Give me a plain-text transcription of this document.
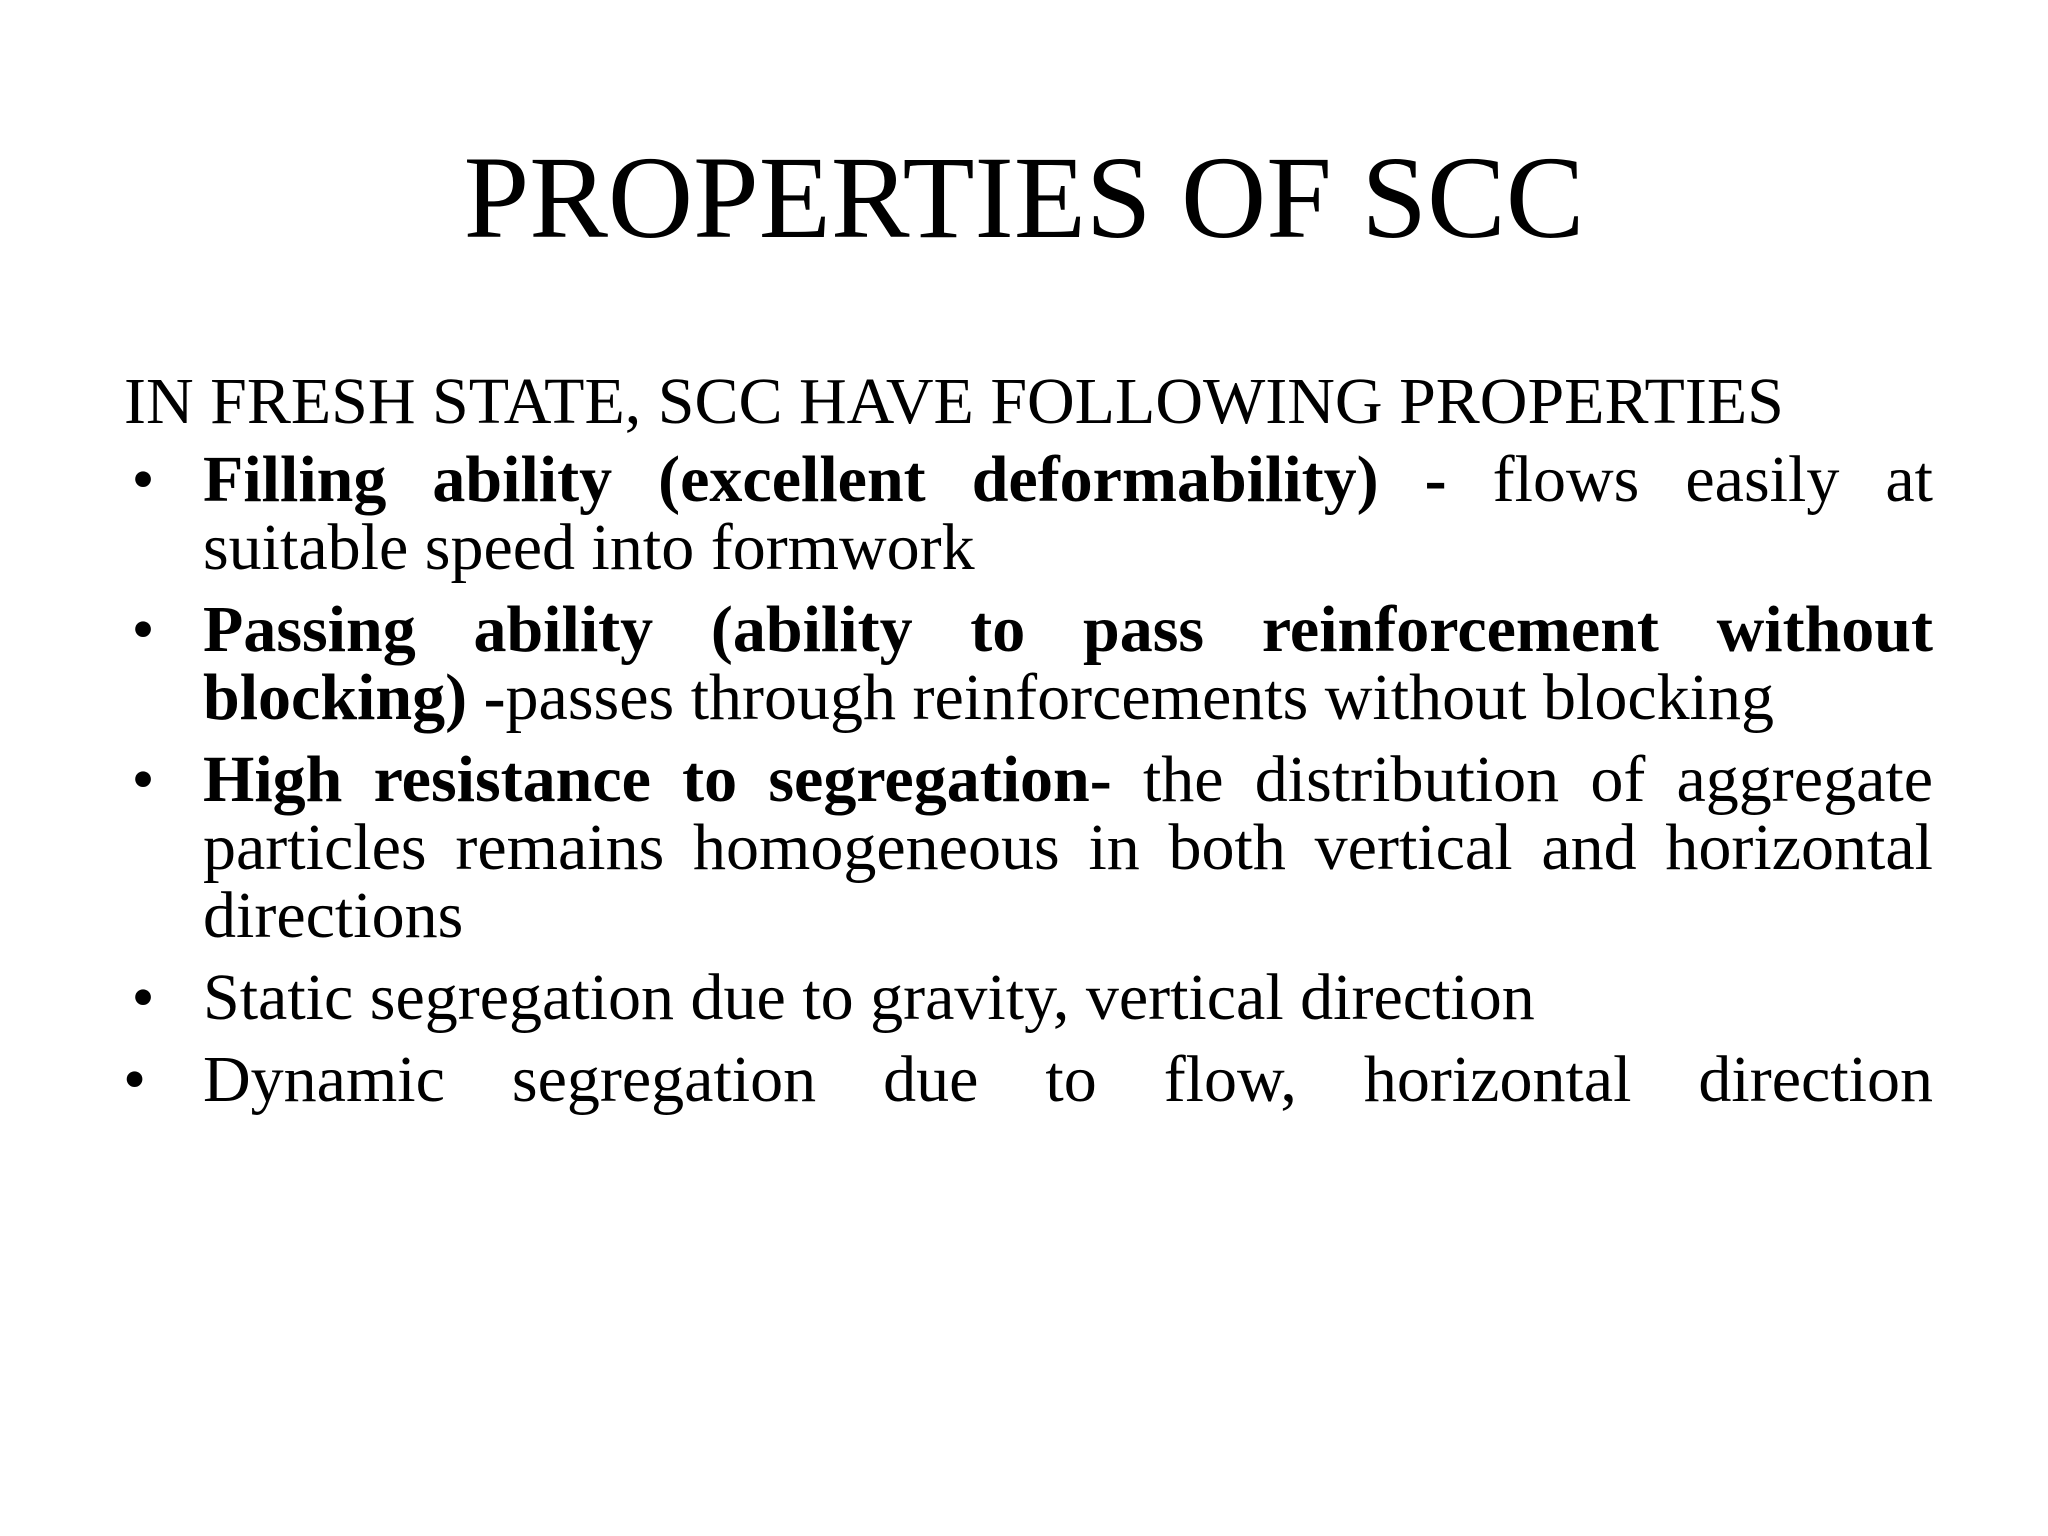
PROPERTIES OF SCC
IN FRESH STATE, SCC HAVE FOLLOWING PROPERTIES
• Filling ability (excellent deformability) - flows easily at suitable speed into formwork
• Passing ability (ability to pass reinforcement without blocking) -passes through reinforcements without blocking
• High resistance to segregation- the distribution of aggregate particles remains homogeneous in both vertical and horizontal directions
• Static segregation due to gravity, vertical direction
• Dynamic segregation due to flow, horizontal direction
